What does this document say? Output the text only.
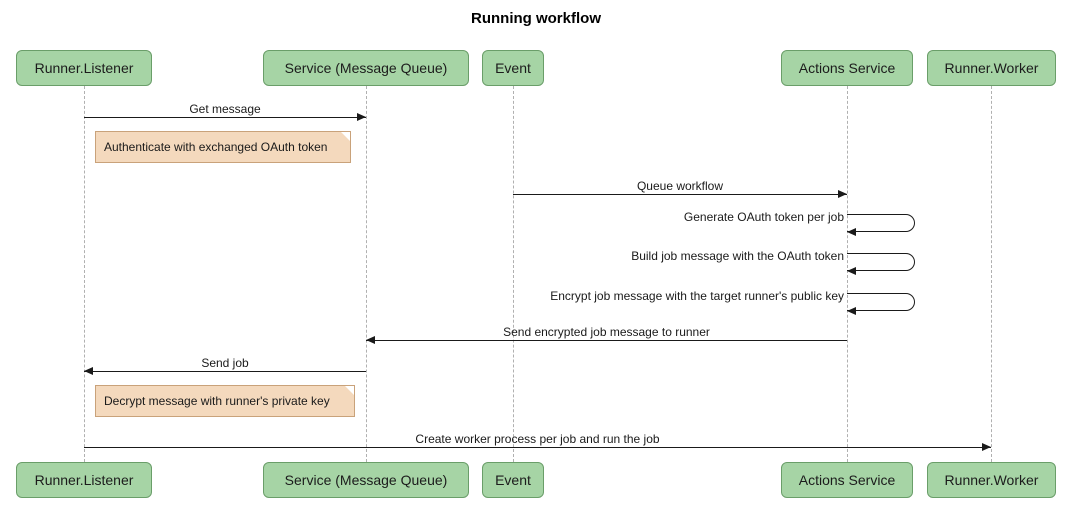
Running workflow
Runner.Listener	Service (Message Queue)	Event	Actions Service	Runner.Worker
Runner.Listener	Service (Message Queue)	Event	Actions Service	Runner.Worker
Get message
Authenticate with exchanged OAuth token
Queue workflow
Generate OAuth token per job
Build job message with the OAuth token
Encrypt job message with the target runner's public key
Send encrypted job message to runner
Send job
Decrypt message with runner's private key
Create worker process per job and run the job
